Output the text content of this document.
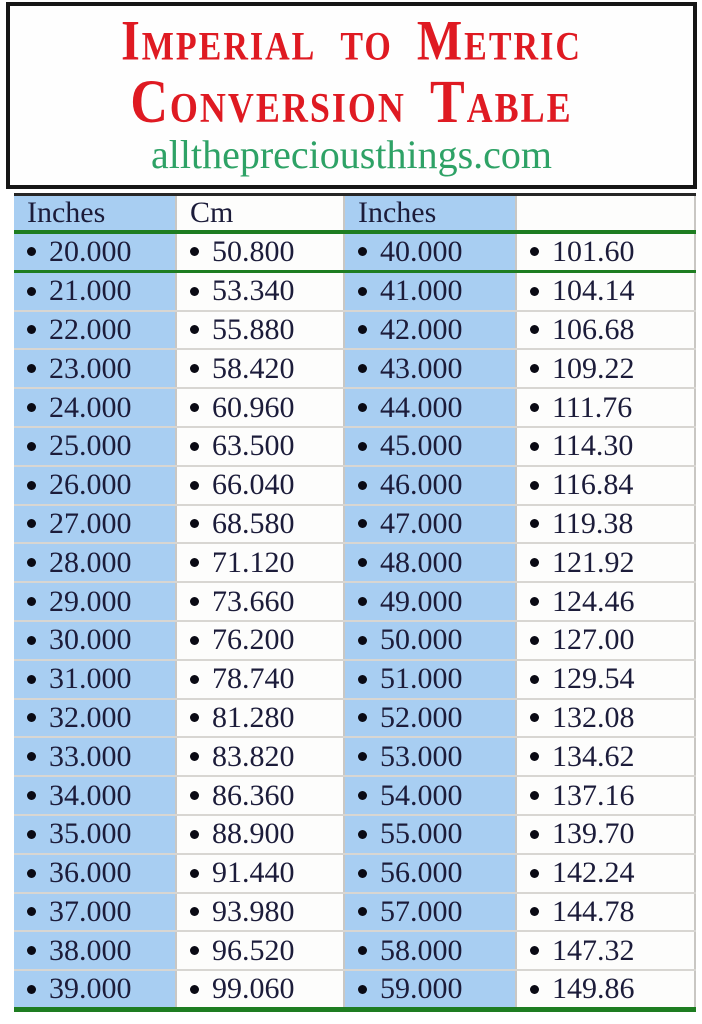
Imperial to Metric
Conversion Table
allthepreciousthings.com
Inches	Cm	Inches
20.000	50.800	40.000	101.60
21.000	53.340	41.000	104.14
22.000	55.880	42.000	106.68
23.000	58.420	43.000	109.22
24.000	60.960	44.000	111.76
25.000	63.500	45.000	114.30
26.000	66.040	46.000	116.84
27.000	68.580	47.000	119.38
28.000	71.120	48.000	121.92
29.000	73.660	49.000	124.46
30.000	76.200	50.000	127.00
31.000	78.740	51.000	129.54
32.000	81.280	52.000	132.08
33.000	83.820	53.000	134.62
34.000	86.360	54.000	137.16
35.000	88.900	55.000	139.70
36.000	91.440	56.000	142.24
37.000	93.980	57.000	144.78
38.000	96.520	58.000	147.32
39.000	99.060	59.000	149.86
